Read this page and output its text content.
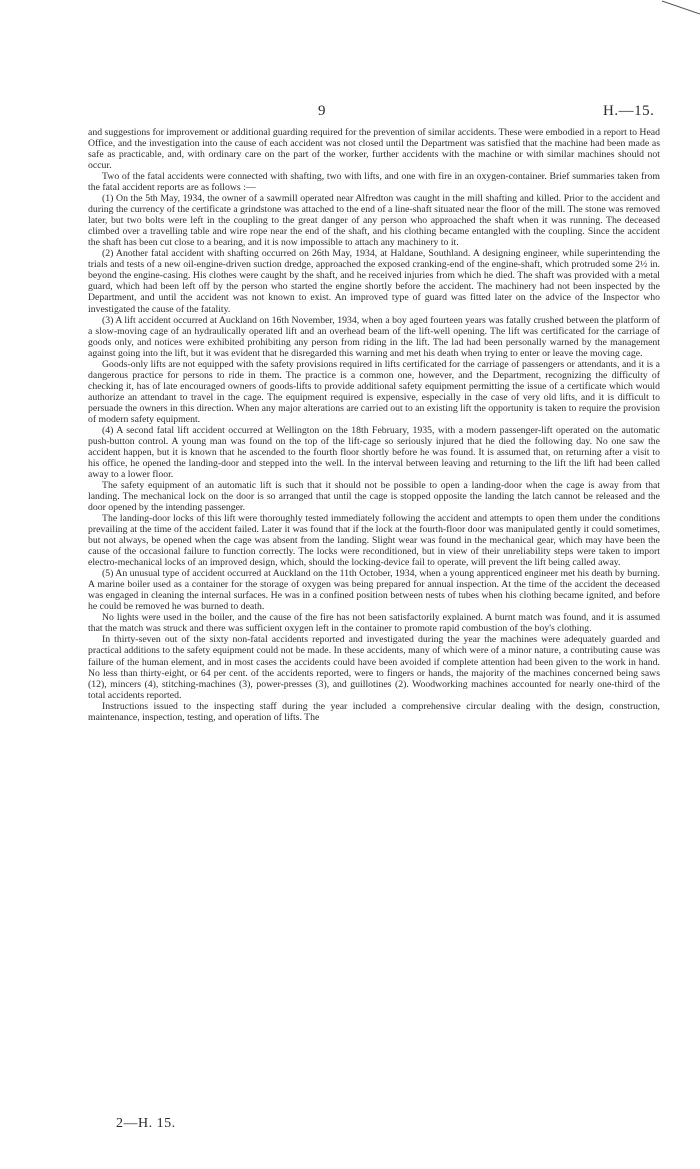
9	H.—15.

and suggestions for improvement or additional guarding required for the prevention of similar accidents. These were embodied in a report to Head Office, and the investigation into the cause of each accident was not closed until the Department was satisfied that the machine had been made as safe as practicable, and, with ordinary care on the part of the worker, further accidents with the machine or with similar machines should not occur.

Two of the fatal accidents were connected with shafting, two with lifts, and one with fire in an oxygen-container. Brief summaries taken from the fatal accident reports are as follows :—

(1) On the 5th May, 1934, the owner of a sawmill operated near Alfredton was caught in the mill shafting and killed. Prior to the accident and during the currency of the certificate a grindstone was attached to the end of a line-shaft situated near the floor of the mill. The stone was removed later, but two bolts were left in the coupling to the great danger of any person who approached the shaft when it was running. The deceased climbed over a travelling table and wire rope near the end of the shaft, and his clothing became entangled with the coupling. Since the accident the shaft has been cut close to a bearing, and it is now impossible to attach any machinery to it.

(2) Another fatal accident with shafting occurred on 26th May, 1934, at Haldane, Southland. A designing engineer, while superintending the trials and tests of a new oil-engine-driven suction dredge, approached the exposed cranking-end of the engine-shaft, which protruded some 2½ in. beyond the engine-casing. His clothes were caught by the shaft, and he received injuries from which he died. The shaft was provided with a metal guard, which had been left off by the person who started the engine shortly before the accident. The machinery had not been inspected by the Department, and until the accident was not known to exist. An improved type of guard was fitted later on the advice of the Inspector who investigated the cause of the fatality.

(3) A lift accident occurred at Auckland on 16th November, 1934, when a boy aged fourteen years was fatally crushed between the platform of a slow-moving cage of an hydraulically operated lift and an overhead beam of the lift-well opening. The lift was certificated for the carriage of goods only, and notices were exhibited prohibiting any person from riding in the lift. The lad had been personally warned by the management against going into the lift, but it was evident that he disregarded this warning and met his death when trying to enter or leave the moving cage.

Goods-only lifts are not equipped with the safety provisions required in lifts certificated for the carriage of passengers or attendants, and it is a dangerous practice for persons to ride in them. The practice is a common one, however, and the Department, recognizing the difficulty of checking it, has of late encouraged owners of goods-lifts to provide additional safety equipment permitting the issue of a certificate which would authorize an attendant to travel in the cage. The equipment required is expensive, especially in the case of very old lifts, and it is difficult to persuade the owners in this direction. When any major alterations are carried out to an existing lift the opportunity is taken to require the provision of modern safety equipment.

(4) A second fatal lift accident occurred at Wellington on the 18th February, 1935, with a modern passenger-lift operated on the automatic push-button control. A young man was found on the top of the lift-cage so seriously injured that he died the following day. No one saw the accident happen, but it is known that he ascended to the fourth floor shortly before he was found. It is assumed that, on returning after a visit to his office, he opened the landing-door and stepped into the well. In the interval between leaving and returning to the lift the lift had been called away to a lower floor.

The safety equipment of an automatic lift is such that it should not be possible to open a landing-door when the cage is away from that landing. The mechanical lock on the door is so arranged that until the cage is stopped opposite the landing the latch cannot be released and the door opened by the intending passenger.

The landing-door locks of this lift were thoroughly tested immediately following the accident and attempts to open them under the conditions prevailing at the time of the accident failed. Later it was found that if the lock at the fourth-floor door was manipulated gently it could sometimes, but not always, be opened when the cage was absent from the landing. Slight wear was found in the mechanical gear, which may have been the cause of the occasional failure to function correctly. The locks were reconditioned, but in view of their unreliability steps were taken to import electro-mechanical locks of an improved design, which, should the locking-device fail to operate, will prevent the lift being called away.

(5) An unusual type of accident occurred at Auckland on the 11th October, 1934, when a young apprenticed engineer met his death by burning. A marine boiler used as a container for the storage of oxygen was being prepared for annual inspection. At the time of the accident the deceased was engaged in cleaning the internal surfaces. He was in a confined position between nests of tubes when his clothing became ignited, and before he could be removed he was burned to death.

No lights were used in the boiler, and the cause of the fire has not been satisfactorily explained. A burnt match was found, and it is assumed that the match was struck and there was sufficient oxygen left in the container to promote rapid combustion of the boy's clothing.

In thirty-seven out of the sixty non-fatal accidents reported and investigated during the year the machines were adequately guarded and practical additions to the safety equipment could not be made. In these accidents, many of which were of a minor nature, a contributing cause was failure of the human element, and in most cases the accidents could have been avoided if complete attention had been given to the work in hand. No less than thirty-eight, or 64 per cent. of the accidents reported, were to fingers or hands, the majority of the machines concerned being saws (12), mincers (4), stitching-machines (3), power-presses (3), and guillotines (2). Woodworking machines accounted for nearly one-third of the total accidents reported.

Instructions issued to the inspecting staff during the year included a comprehensive circular dealing with the design, construction, maintenance, inspection, testing, and operation of lifts. The

2—H. 15.
